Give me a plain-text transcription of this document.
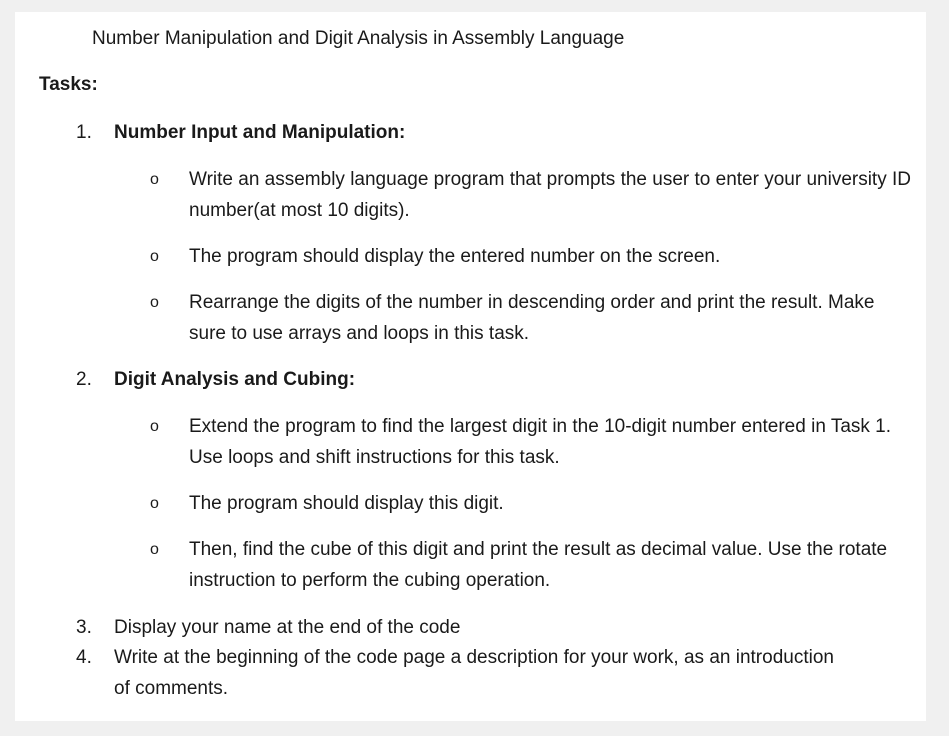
Number Manipulation and Digit Analysis in Assembly Language
Tasks:
1. Number Input and Manipulation:
o Write an assembly language program that prompts the user to enter your university ID number(at most 10 digits).
o The program should display the entered number on the screen.
o Rearrange the digits of the number in descending order and print the result. Make sure to use arrays and loops in this task.
2. Digit Analysis and Cubing:
o Extend the program to find the largest digit in the 10-digit number entered in Task 1. Use loops and shift instructions for this task.
o The program should display this digit.
o Then, find the cube of this digit and print the result as decimal value. Use the rotate instruction to perform the cubing operation.
3. Display your name at the end of the code
4. Write at the beginning of the code page a description for your work, as an introduction of comments.
